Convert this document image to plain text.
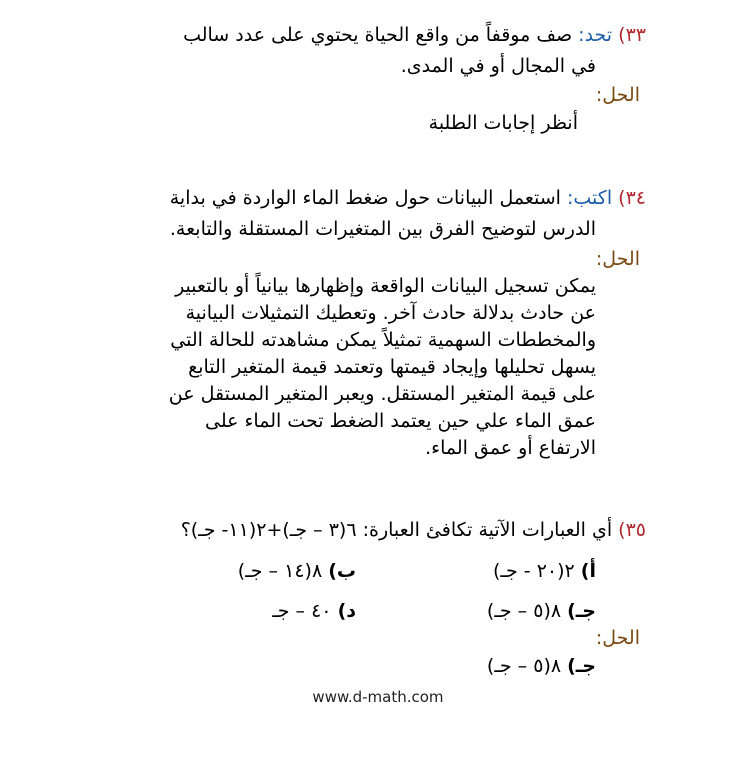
٣٣) تحد: صف موقفاً من واقع الحياة يحتوي على عدد سالب
في المجال أو في المدى.
الحل:
أنظر إجابات الطلبة
٣٤) اكتب: استعمل البيانات حول ضغط الماء الواردة في بداية
الدرس لتوضيح الفرق بين المتغيرات المستقلة والتابعة.
الحل:

يمكن تسجيل البيانات الواقعة وإظهارها بيانياً أو بالتعبير

عن حادث بدلالة حادث آخر. وتعطيك التمثيلات البيانية

والمخططات السهمية تمثيلاً يمكن مشاهدته للحالة التي

يسهل تحليلها وإيجاد قيمتها وتعتمد قيمة المتغير التابع

على قيمة المتغير المستقل. ويعبر المتغير المستقل عن

عمق الماء علي حين يعتمد الضغط تحت الماء على

الارتفاع أو عمق الماء.

٣٥) أي العبارات الآتية تكافئ العبارة: ٦(٣ – جـ)+٢(١١- جـ)؟
أ) ٢(٢٠ - جـ)
ب) ٨(١٤ – جـ)
جـ) ٨(٥ – جـ)
د) ٤٠ – جـ
الحل:
جـ) ٨(٥ – جـ)
www.d-math.com
